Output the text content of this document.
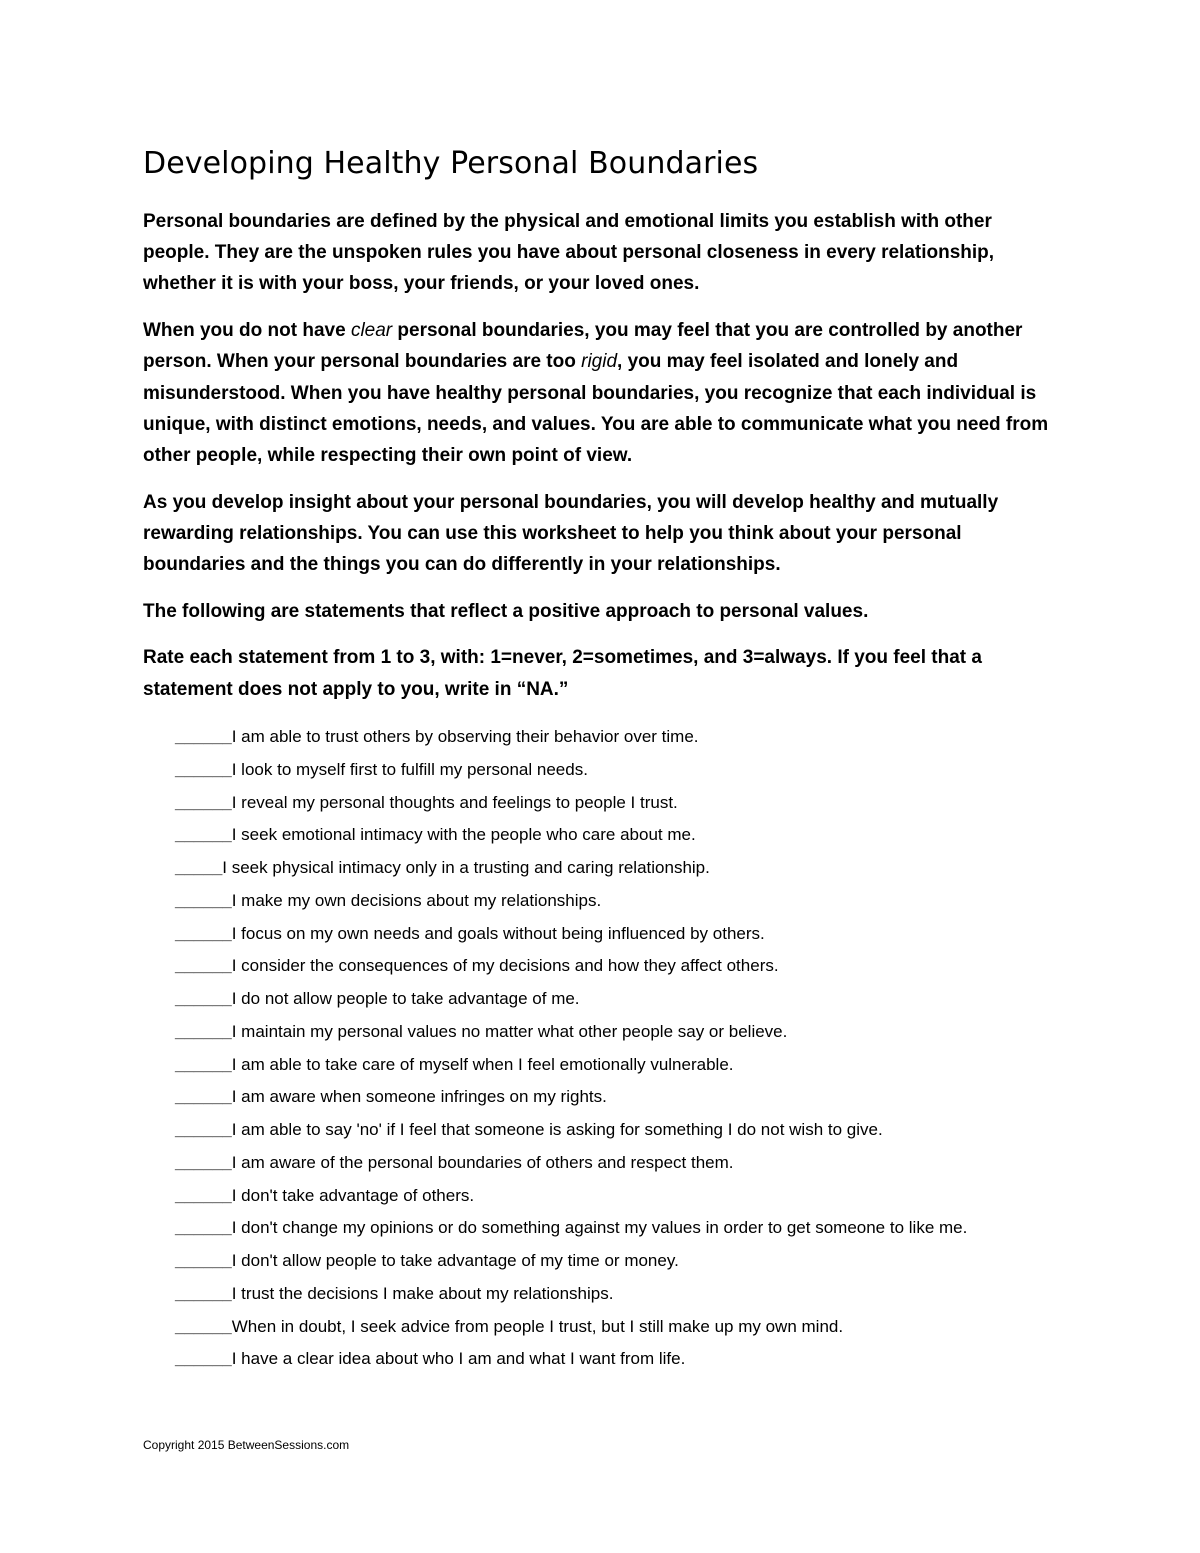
Developing Healthy Personal Boundaries

Personal boundaries are defined by the physical and emotional limits you establish with other people. They are the unspoken rules you have about personal closeness in every relationship, whether it is with your boss, your friends, or your loved ones.

When you do not have clear personal boundaries, you may feel that you are controlled by another person. When your personal boundaries are too rigid, you may feel isolated and lonely and misunderstood. When you have healthy personal boundaries, you recognize that each individual is unique, with distinct emotions, needs, and values. You are able to communicate what you need from other people, while respecting their own point of view.

As you develop insight about your personal boundaries, you will develop healthy and mutually rewarding relationships. You can use this worksheet to help you think about your personal boundaries and the things you can do differently in your relationships.

The following are statements that reflect a positive approach to personal values.

Rate each statement from 1 to 3, with: 1=never, 2=sometimes, and 3=always. If you feel that a statement does not apply to you, write in “NA.”

______I am able to trust others by observing their behavior over time.
______I look to myself first to fulfill my personal needs.
______I reveal my personal thoughts and feelings to people I trust.
______I seek emotional intimacy with the people who care about me.
_____I seek physical intimacy only in a trusting and caring relationship.
______I make my own decisions about my relationships.
______I focus on my own needs and goals without being influenced by others.
______I consider the consequences of my decisions and how they affect others.
______I do not allow people to take advantage of me.
______I maintain my personal values no matter what other people say or believe.
______I am able to take care of myself when I feel emotionally vulnerable.
______I am aware when someone infringes on my rights.
______I am able to say 'no' if I feel that someone is asking for something I do not wish to give.
______I am aware of the personal boundaries of others and respect them.
______I don't take advantage of others.
______I don't change my opinions or do something against my values in order to get someone to like me.
______I don't allow people to take advantage of my time or money.
______I trust the decisions I make about my relationships.
______When in doubt, I seek advice from people I trust, but I still make up my own mind.
______I have a clear idea about who I am and what I want from life.
Copyright 2015 BetweenSessions.com
